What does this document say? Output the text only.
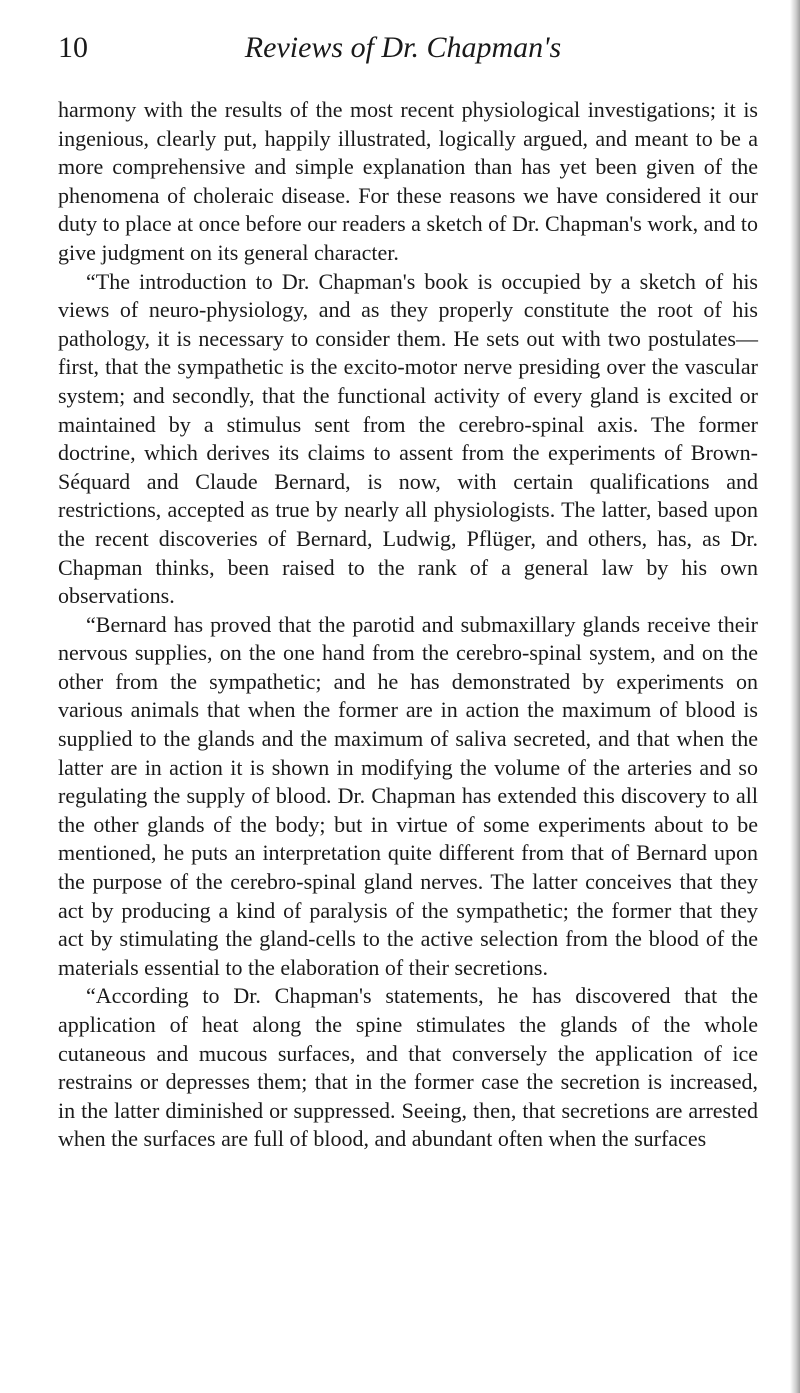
10	Reviews of Dr. Chapman's

harmony with the results of the most recent physiological investigations; it is ingenious, clearly put, happily illustrated, logically argued, and meant to be a more comprehensive and simple explanation than has yet been given of the phenomena of choleraic disease. For these reasons we have considered it our duty to place at once before our readers a sketch of Dr. Chapman's work, and to give judgment on its general character.

“The introduction to Dr. Chapman's book is occupied by a sketch of his views of neuro-physiology, and as they properly constitute the root of his pathology, it is necessary to consider them. He sets out with two postulates—first, that the sympathetic is the excito-motor nerve presiding over the vascular system; and secondly, that the functional activity of every gland is excited or maintained by a stimulus sent from the cerebro-spinal axis. The former doctrine, which derives its claims to assent from the experiments of Brown-Séquard and Claude Bernard, is now, with certain qualifications and restrictions, accepted as true by nearly all physiologists. The latter, based upon the recent discoveries of Bernard, Ludwig, Pflüger, and others, has, as Dr. Chapman thinks, been raised to the rank of a general law by his own observations.

“Bernard has proved that the parotid and submaxillary glands receive their nervous supplies, on the one hand from the cerebro-spinal system, and on the other from the sympathetic; and he has demonstrated by experiments on various animals that when the former are in action the maximum of blood is supplied to the glands and the maximum of saliva secreted, and that when the latter are in action it is shown in modifying the volume of the arteries and so regulating the supply of blood. Dr. Chapman has extended this discovery to all the other glands of the body; but in virtue of some experiments about to be mentioned, he puts an interpretation quite different from that of Bernard upon the purpose of the cerebro-spinal gland nerves. The latter conceives that they act by producing a kind of paralysis of the sympathetic; the former that they act by stimulating the gland-cells to the active selection from the blood of the materials essential to the elaboration of their secretions.

“According to Dr. Chapman's statements, he has discovered that the application of heat along the spine stimulates the glands of the whole cutaneous and mucous surfaces, and that conversely the application of ice restrains or depresses them; that in the former case the secretion is increased, in the latter diminished or suppressed. Seeing, then, that secretions are arrested when the surfaces are full of blood, and abundant often when the surfaces
